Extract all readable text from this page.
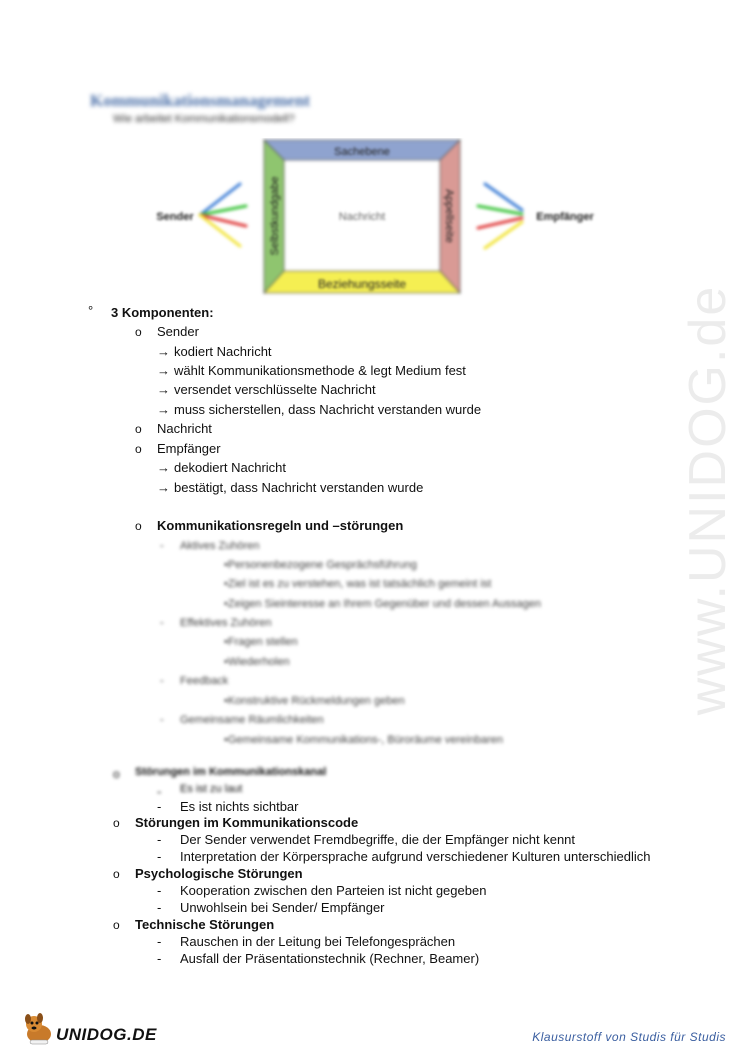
www.UNIDOG.de
Kommunikationsmanagement
Wie arbeitet Kommunikationsmodell?
Sachebene
Nachricht
Selbstkundgabe	Appellseite
Beziehungsseite
Sender	Empfänger
° 3 Komponenten:
o Sender
→ kodiert Nachricht
→ wählt Kommunikationsmethode & legt Medium fest
→ versendet verschlüsselte Nachricht
→ muss sicherstellen, dass Nachricht verstanden wurde
o Nachricht
o Empfänger
→ dekodiert Nachricht
→ bestätigt, dass Nachricht verstanden wurde
o Kommunikationsregeln und –störungen
- Aktives Zuhören
•Personenbezogene Gesprächsführung
•Ziel ist es zu verstehen, was ist tatsächlich gemeint ist
•Zeigen Sieinteresse an Ihrem Gegenüber und dessen Aussagen
- Effektives Zuhören
•Fragen stellen
•Wiederholen
- Feedback
•Konstruktive Rückmeldungen geben
- Gemeinsame Räumlichkeiten
•Gemeinsame Kommunikations-, Büroräume vereinbaren
o Störungen im Kommunikationskanal
- Es ist zu laut
- Es ist nichts sichtbar
o Störungen im Kommunikationscode
- Der Sender verwendet Fremdbegriffe, die der Empfänger nicht kennt
- Interpretation der Körpersprache aufgrund verschiedener Kulturen unterschiedlich
o Psychologische Störungen
- Kooperation zwischen den Parteien ist nicht gegeben
- Unwohlsein bei Sender/ Empfänger
o Technische Störungen
- Rauschen in der Leitung bei Telefongesprächen
- Ausfall der Präsentationstechnik (Rechner, Beamer)
UNIDOG.DE	Klausurstoff von Studis für Studis
